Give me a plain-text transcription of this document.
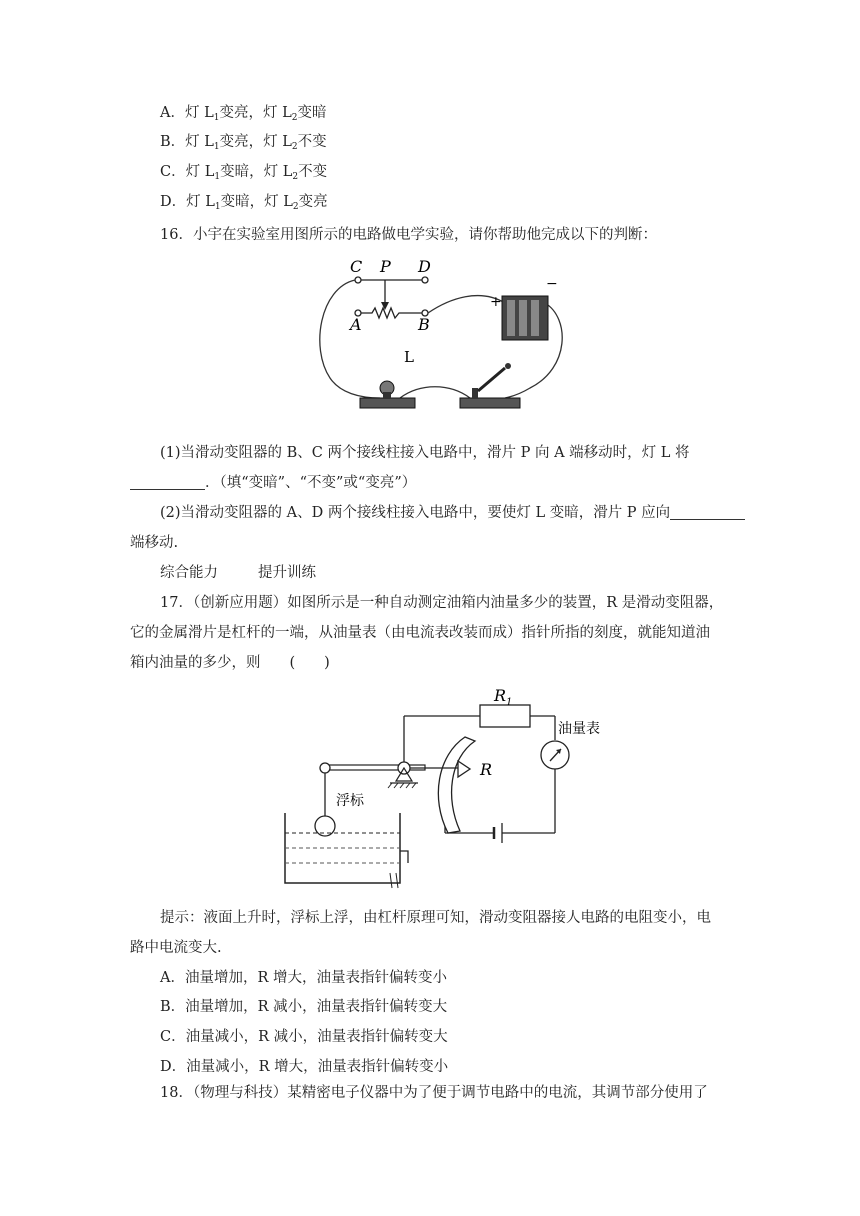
A．灯 $L_1$变亮，灯 $L_2$变暗
B．灯 $L_1$变亮，灯 $L_2$不变
C．灯 $L_1$变暗，灯 $L_2$不变
D．灯 $L_1$变暗，灯 $L_2$变亮
16．小宇在实验室用图所示的电路做电学实验，请你帮助他完成以下的判断：
C P D
A	B
+
−
L
(1)当滑动变阻器的 B、C 两个接线柱接入电路中，滑片 P 向 A 端移动时，灯 L 将
．（填“变暗”、“不变”或“变亮”）
(2)当滑动变阻器的 A、D 两个接线柱接入电路中，要使灯 L 变暗，滑片 P 应向
端移动.
综合能力	提升训练
17．（创新应用题）如图所示是一种自动测定油箱内油量多少的装置，R 是滑动变阻器，
它的金属滑片是杠杆的一端，从油量表（由电流表改装而成）指针所指的刻度，就能知道油
箱内油量的多少，则　　(　　)
$R_1$
油量表
R
浮标
提示：液面上升时，浮标上浮，由杠杆原理可知，滑动变阻器接人电路的电阻变小，电
路中电流变大.
A．油量增加，R 增大，油量表指针偏转变小
B．油量增加，R 减小，油量表指针偏转变大
C．油量减小，R 减小，油量表指针偏转变大
D．油量减小，R 增大，油量表指针偏转变小
18．（物理与科技）某精密电子仪器中为了便于调节电路中的电流，其调节部分使用了
